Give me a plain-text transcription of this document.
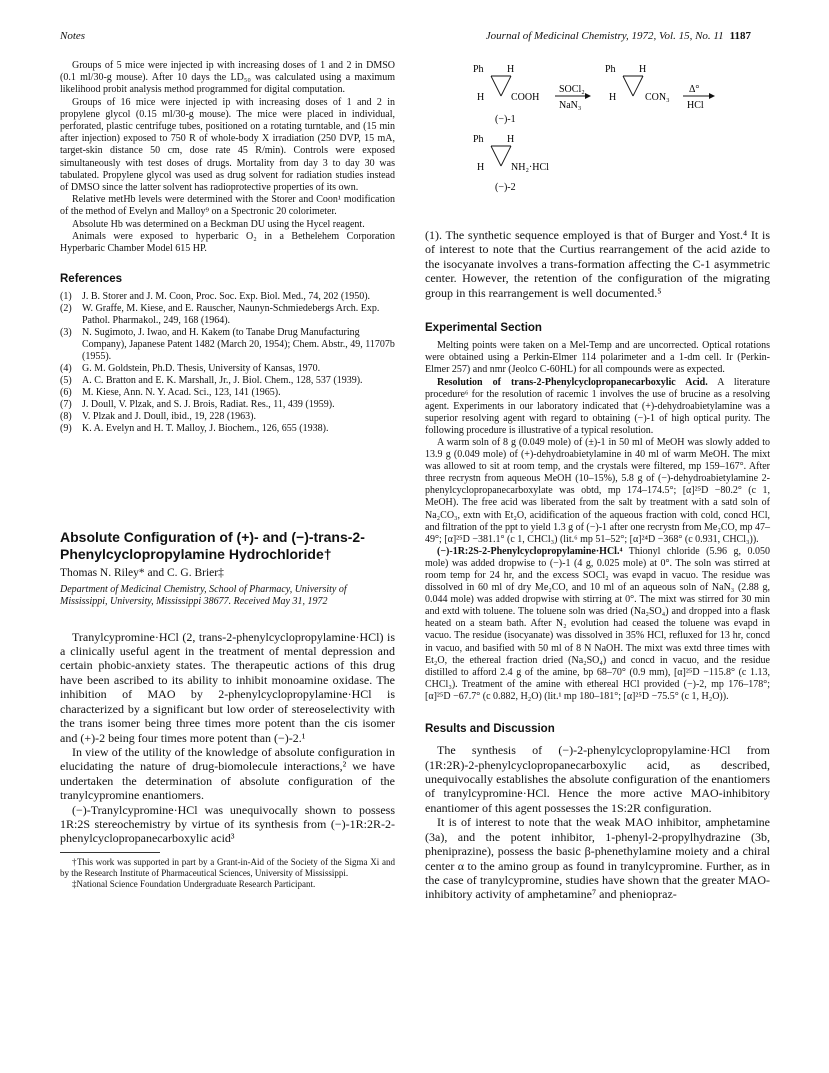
Notes	Journal of Medicinal Chemistry, 1972, Vol. 15, No. 11 1187

Groups of 5 mice were injected ip with increasing doses of 1 and 2 in DMSO (0.1 ml/30-g mouse). After 10 days the LD₅₀ was calculated using a maximum likelihood probit analysis method programmed for digital computation.

Groups of 16 mice were injected ip with increasing doses of 1 and 2 in propylene glycol (0.15 ml/30-g mouse). The mice were placed in individual, perforated, plastic centrifuge tubes, positioned on a rotating turntable, and (15 min after injection) exposed to 750 R of whole-body X irradiation (250 DVP, 15 mA, target-skin distance 50 cm, dose rate 45 R/min). Controls were exposed simultaneously with test doses of drugs. Mortality from day 3 to day 30 was tabulated. Propylene glycol was used as drug solvent for radiation studies instead of DMSO since the latter solvent has radioprotective properties of its own.

Relative metHb levels were determined with the Storer and Coon¹ modification of the method of Evelyn and Malloy⁹ on a Spectronic 20 colorimeter.

Absolute Hb was determined on a Beckman DU using the Hycel reagent.

Animals were exposed to hyperbaric O₂ in a Bethelehem Corporation Hyperbaric Chamber Model 615 HP.

References
(1)	J. B. Storer and J. M. Coon, Proc. Soc. Exp. Biol. Med., 74, 202 (1950).
(2)	W. Graffe, M. Kiese, and E. Rauscher, Naunyn-Schmiedebergs Arch. Exp. Pathol. Pharmakol., 249, 168 (1964).
(3)	N. Sugimoto, J. Iwao, and H. Kakem (to Tanabe Drug Manufacturing Company), Japanese Patent 1482 (March 20, 1954); Chem. Abstr., 49, 11707b (1955).
(4)	G. M. Goldstein, Ph.D. Thesis, University of Kansas, 1970.
(5)	A. C. Bratton and E. K. Marshall, Jr., J. Biol. Chem., 128, 537 (1939).
(6)	M. Kiese, Ann. N. Y. Acad. Sci., 123, 141 (1965).
(7)	J. Doull, V. Plzak, and S. J. Brois, Radiat. Res., 11, 439 (1959).
(8)	V. Plzak and J. Doull, ibid., 19, 228 (1963).
(9)	K. A. Evelyn and H. T. Malloy, J. Biochem., 126, 655 (1938).
Absolute Configuration of (+)- and (−)-trans-2-Phenylcyclopropylamine Hydrochloride†
Thomas N. Riley* and C. G. Brier‡
Department of Medicinal Chemistry, School of Pharmacy, University of Mississippi, University, Mississippi 38677. Received May 31, 1972

Tranylcypromine·HCl (2, trans-2-phenylcyclopropylamine·HCl) is a clinically useful agent in the treatment of mental depression and certain phobic-anxiety states. The therapeutic actions of this drug have been ascribed to its ability to inhibit monoamine oxidase. The inhibition of MAO by 2-phenylcyclopropylamine·HCl is characterized by a significant but low order of stereoselectivity with the trans isomer being three times more potent than the cis isomer and (+)-2 being four times more potent than (−)-2.¹

In view of the utility of the knowledge of absolute configuration in elucidating the nature of drug-biomolecule interactions,² we have undertaken the determination of absolute configuration of the tranylcypromine enantiomers.

(−)-Tranylcypromine·HCl was unequivocally shown to possess 1R:2S stereochemistry by virtue of its synthesis from (−)-1R:2R-2-phenylcyclopropanecarboxylic acid³

†This work was supported in part by a Grant-in-Aid of the Society of the Sigma Xi and by the Research Institute of Pharmaceutical Sciences, University of Mississippi.

‡National Science Foundation Undergraduate Research Participant.

Ph H
H	COOH
SOCl₂
NaN₃
(−)-1
Ph H
H	CON₃
Δ°
HCl
Ph H
H	NH₂·HCl
(−)-2

(1). The synthetic sequence employed is that of Burger and Yost.⁴ It is of interest to note that the Curtius rearrangement of the acid azide to the isocyanate involves a trans-formation affecting the C-1 asymmetric center. However, the retention of the configuration of the migrating group in this rearrangement is well documented.⁵

Experimental Section

Melting points were taken on a Mel-Temp and are uncorrected. Optical rotations were obtained using a Perkin-Elmer 114 polarimeter and a 1-dm cell. Ir (Perkin-Elmer 257) and nmr (Jeolco C-60HL) for all compounds were as expected.

Resolution of trans-2-Phenylcyclopropanecarboxylic Acid. A literature procedure⁶ for the resolution of racemic 1 involves the use of brucine as a resolving agent. Experiments in our laboratory indicated that (+)-dehydroabietylamine was a superior resolving agent with regard to obtaining (−)-1 of high optical purity. The following procedure is illustrative of a typical resolution.

A warm soln of 8 g (0.049 mole) of (±)-1 in 50 ml of MeOH was slowly added to 13.9 g (0.049 mole) of (+)-dehydroabietylamine in 40 ml of warm MeOH. The mixt was allowed to sit at room temp, and the crystals were filtered, mp 159–167°. After three recrystn from aqueous MeOH (10–15%), 5.8 g of (−)-dehydroabietylamine 2-phenylcyclopropanecarboxylate was obtd, mp 174–174.5°; [α]²⁵D −80.2° (c 1, MeOH). The free acid was liberated from the salt by treatment with a satd soln of Na₂CO₃, extn with Et₂O, acidification of the aqueous fraction with cold, concd HCl, and filtration of the ppt to yield 1.3 g of (−)-1 after one recrystn from Me₂CO, mp 47–49°; [α]²⁵D −381.1° (c 1, CHCl₃) (lit.⁶ mp 51–52°; [α]²⁴D −368° (c 0.931, CHCl₃)).

(−)-1R:2S-2-Phenylcyclopropylamine·HCl.⁴ Thionyl chloride (5.96 g, 0.050 mole) was added dropwise to (−)-1 (4 g, 0.025 mole) at 0°. The soln was stirred at room temp for 24 hr, and the excess SOCl₂ was evapd in vacuo. The residue was dissolved in 60 ml of dry Me₂CO, and 10 ml of an aqueous soln of NaN₃ (2.88 g, 0.044 mole) was added dropwise with stirring at 0°. The mixt was stirred for 30 min and extd with toluene. The toluene soln was dried (Na₂SO₄) and dropped into a flask heated on a steam bath. After N₂ evolution had ceased the toluene was evapd in vacuo. The residue (isocyanate) was dissolved in 35% HCl, refluxed for 13 hr, concd in vacuo, and basified with 50 ml of 8 N NaOH. The mixt was extd three times with Et₂O, the ethereal fraction dried (Na₂SO₄) and concd in vacuo, and the residue distilled to afford 2.4 g of the amine, bp 68–70° (0.9 mm), [α]²⁵D −115.8° (c 1.13, CHCl₃). Treatment of the amine with ethereal HCl provided (−)-2, mp 176–178°; [α]²⁵D −67.7° (c 0.882, H₂O) (lit.¹ mp 180–181°; [α]²⁵D −75.5° (c 1, H₂O)).

Results and Discussion

The synthesis of (−)-2-phenylcyclopropylamine·HCl from (1R:2R)-2-phenylcyclopropanecarboxylic acid, as described, unequivocally establishes the absolute configuration of the enantiomers of tranylcypromine·HCl. Hence the more active MAO-inhibitory enantiomer of this agent possesses the 1S:2R configuration.

It is of interest to note that the weak MAO inhibitor, amphetamine (3a), and the potent inhibitor, 1-phenyl-2-propylhydrazine (3b, pheniprazine), possess the basic β-phenethylamine moiety and a chiral center α to the amino group as found in tranylcypromine. Further, as in the case of tranylcypromine, studies have shown that the greater MAO-inhibitory activity of amphetamine⁷ and pheniopraz-
